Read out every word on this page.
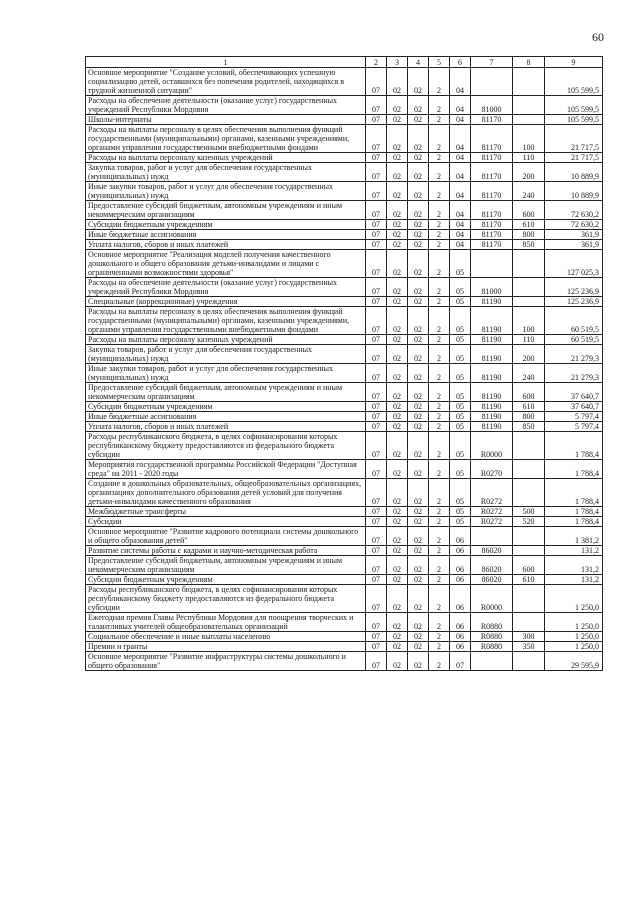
60
1	2	3	4	5	6	7	8	9
Основное мероприятие "Создание условий, обеспечивающих успешную социализацию детей, оставшихся без попечения родителей, находящихся в трудной жизненной ситуации"	07	02	02	2	04			105 599,5
Расходы на обеспечение деятельности (оказание услуг) государственных учреждений Республики Мордовия	07	02	02	2	04	81000		105 599,5
Школы-интернаты	07	02	02	2	04	81170		105 599,5
Расходы на выплаты персоналу в целях обеспечения выполнения функций государственными (муниципальными) органами, казенными учреждениями, органами управления государственными внебюджетными фондами	07	02	02	2	04	81170	100	21 717,5
Расходы на выплаты персоналу казенных учреждений	07	02	02	2	04	81170	110	21 717,5
Закупка товаров, работ и услуг для обеспечения государственных (муниципальных) нужд	07	02	02	2	04	81170	200	10 889,9
Иные закупки товаров, работ и услуг для обеспечения государственных (муниципальных) нужд	07	02	02	2	04	81170	240	10 889,9
Предоставление субсидий бюджетным, автономным учреждениям и иным некоммерческим организациям	07	02	02	2	04	81170	600	72 630,2
Субсидии бюджетным учреждениям	07	02	02	2	04	81170	610	72 630,2
Иные бюджетные ассигнования	07	02	02	2	04	81170	800	361,9
Уплата налогов, сборов и иных платежей	07	02	02	2	04	81170	850	361,9
Основное мероприятие "Реализация моделей получения качественного дошкольного и общего образования детьми-инвалидами и лицами с ограниченными возможностями здоровья"	07	02	02	2	05			127 025,3
Расходы на обеспечение деятельности (оказание услуг) государственных учреждений Республики Мордовия	07	02	02	2	05	81000		125 236,9
Специальные (коррекционные) учреждения	07	02	02	2	05	81190		125 236,9
Расходы на выплаты персоналу в целях обеспечения выполнения функций государственными (муниципальными) органами, казенными учреждениями, органами управления государственными внебюджетными фондами	07	02	02	2	05	81190	100	60 519,5
Расходы на выплаты персоналу казенных учреждений	07	02	02	2	05	81190	110	60 519,5
Закупка товаров, работ и услуг для обеспечения государственных (муниципальных) нужд	07	02	02	2	05	81190	200	21 279,3
Иные закупки товаров, работ и услуг для обеспечения государственных (муниципальных) нужд	07	02	02	2	05	81190	240	21 279,3
Предоставление субсидий бюджетным, автономным учреждениям и иным некоммерческим организациям	07	02	02	2	05	81190	600	37 640,7
Субсидии бюджетным учреждениям	07	02	02	2	05	81190	610	37 640,7
Иные бюджетные ассигнования	07	02	02	2	05	81190	800	5 797,4
Уплата налогов, сборов и иных платежей	07	02	02	2	05	81190	850	5 797,4
Расходы республиканского бюджета, в целях софинансирования которых республиканскому бюджету предоставляются из федерального бюджета субсидии	07	02	02	2	05	R0000		1 788,4
Мероприятия государственной программы Российской Федерации "Доступная среда" на 2011 - 2020 годы	07	02	02	2	05	R0270		1 788,4
Создание в дошкольных образовательных, общеобразовательных организациях, организациях дополнительного образования детей условий для получения детьми-инвалидами качественного образования	07	02	02	2	05	R0272		1 788,4
Межбюджетные трансферты	07	02	02	2	05	R0272	500	1 788,4
Субсидии	07	02	02	2	05	R0272	520	1 788,4
Основное мероприятие "Развитие кадрового потенциала системы дошкольного и общего образования детей"	07	02	02	2	06			1 381,2
Развитие системы работы с кадрами и научно-методическая работа	07	02	02	2	06	86020		131,2
Предоставление субсидий бюджетным, автономным учреждениям и иным некоммерческим организациям	07	02	02	2	06	86020	600	131,2
Субсидии бюджетным учреждениям	07	02	02	2	06	86020	610	131,2
Расходы республиканского бюджета, в целях софинансирования которых республиканскому бюджету предоставляются из федерального бюджета субсидии	07	02	02	2	06	R0000		1 250,0
Ежегодная премия Главы Республики Мордовия для поощрения творческих и талантливых учителей общеобразовательных организаций	07	02	02	2	06	R0880		1 250,0
Социальное обеспечение и иные выплаты населению	07	02	02	2	06	R0880	300	1 250,0
Премии и гранты	07	02	02	2	06	R0880	350	1 250,0
Основное мероприятие "Развитие инфраструктуры системы дошкольного и общего образования"	07	02	02	2	07			29 595,9
